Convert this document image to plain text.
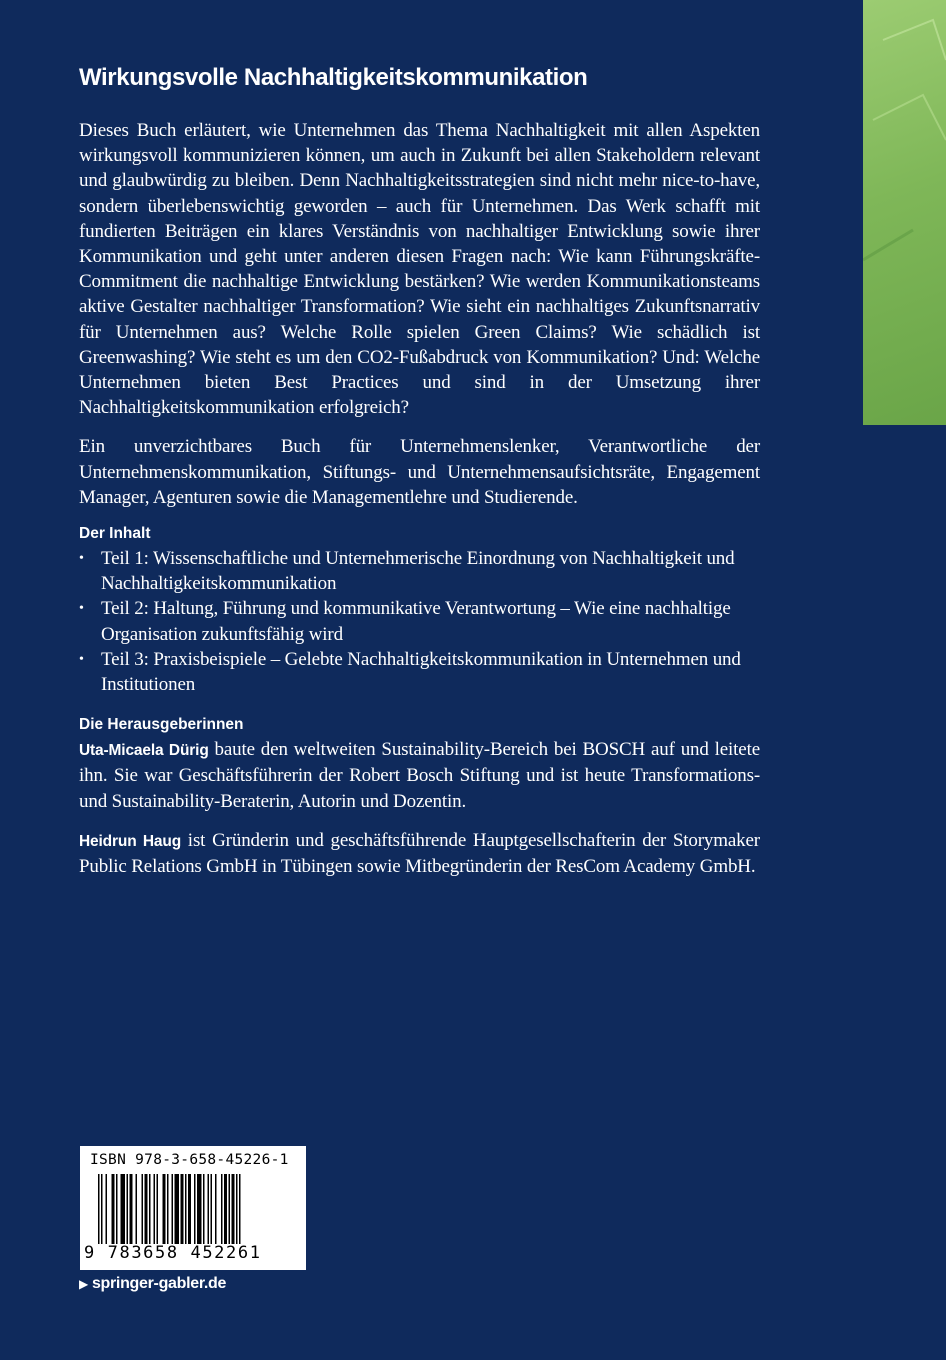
Wirkungsvolle Nachhaltigkeitskommunikation

Dieses Buch erläutert, wie Unternehmen das Thema Nachhaltigkeit mit allen Aspekten wirkungsvoll kommunizieren können, um auch in Zukunft bei allen Stakeholdern relevant und glaubwürdig zu bleiben. Denn Nachhaltigkeitsstrategien sind nicht mehr nice-to-have, sondern überlebenswichtig geworden – auch für Unternehmen. Das Werk schafft mit fundierten Beiträgen ein klares Verständnis von nachhaltiger Entwicklung sowie ihrer Kommunikation und geht unter anderen diesen Fragen nach: Wie kann Führungskräfte-Commitment die nachhaltige Entwicklung bestärken? Wie werden Kommunikationsteams aktive Gestalter nachhaltiger Transformation? Wie sieht ein nachhaltiges Zukunftsnarrativ für Unternehmen aus? Welche Rolle spielen Green Claims? Wie schädlich ist Greenwashing? Wie steht es um den CO2-Fußabdruck von Kommunikation? Und: Welche Unternehmen bieten Best Practices und sind in der Umsetzung ihrer Nachhaltigkeitskommunikation erfolgreich?

Ein unverzichtbares Buch für Unternehmenslenker, Verantwortliche der Unternehmenskommunikation, Stiftungs- und Unternehmensaufsichtsräte, Engagement Manager, Agenturen sowie die Managementlehre und Studierende.

Der Inhalt
• Teil 1: Wissenschaftliche und Unternehmerische Einordnung von Nachhaltigkeit und Nachhaltigkeitskommunikation
• Teil 2: Haltung, Führung und kommunikative Verantwortung – Wie eine nachhaltige Organisation zukunftsfähig wird
• Teil 3: Praxisbeispiele – Gelebte Nachhaltigkeitskommunikation in Unternehmen und Institutionen
Die Herausgeberinnen

Uta-Micaela Dürig baute den weltweiten Sustainability-Bereich bei BOSCH auf und leitete ihn. Sie war Geschäftsführerin der Robert Bosch Stiftung und ist heute Transformations- und Sustainability-Beraterin, Autorin und Dozentin.

Heidrun Haug ist Gründerin und geschäftsführende Hauptgesellschafterin der Storymaker Public Relations GmbH in Tübingen sowie Mitbegründerin der ResCom Academy GmbH.

ISBN 978-3-658-45226-1
9 783658 452261
▶ springer-gabler.de
